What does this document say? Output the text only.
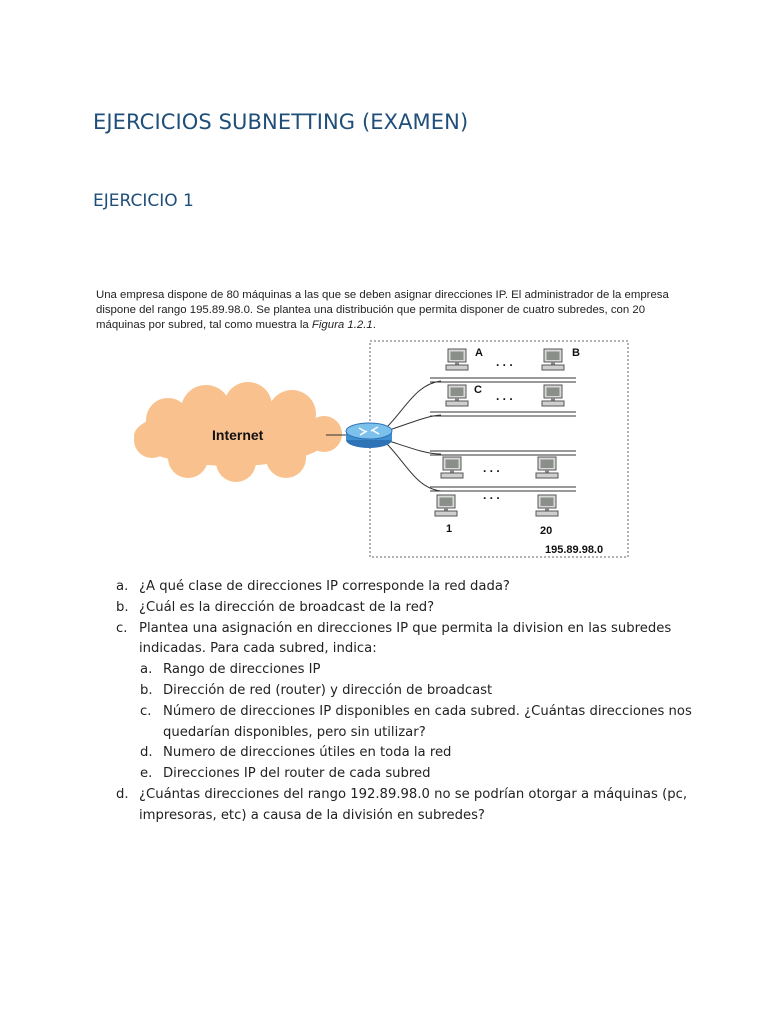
EJERCICIOS SUBNETTING (EXAMEN)
EJERCICIO 1

Una empresa dispone de 80 máquinas a las que se deben asignar direcciones IP. El administrador de la empresa dispone del rango 195.89.98.0. Se plantea una distribución que permita disponer de cuatro subredes, con 20 máquinas por subred, tal como muestra la Figura 1.2.1.

Internet
A	B
C
1	20
195.89.98.0
. . .
. . .
. . .
. . .
a. ¿A qué clase de direcciones IP corresponde la red dada?
b. ¿Cuál es la dirección de broadcast de la red?
c. Plantea una asignación en direcciones IP que permita la division en las subredes indicadas. Para cada subred, indica:
a. Rango de direcciones IP
b. Dirección de red (router) y dirección de broadcast
c. Número de direcciones IP disponibles en cada subred. ¿Cuántas direcciones nos quedarían disponibles, pero sin utilizar?
d. Numero de direcciones útiles en toda la red
e. Direcciones IP del router de cada subred
d. ¿Cuántas direcciones del rango 192.89.98.0 no se podrían otorgar a máquinas (pc, impresoras, etc) a causa de la división en subredes?
